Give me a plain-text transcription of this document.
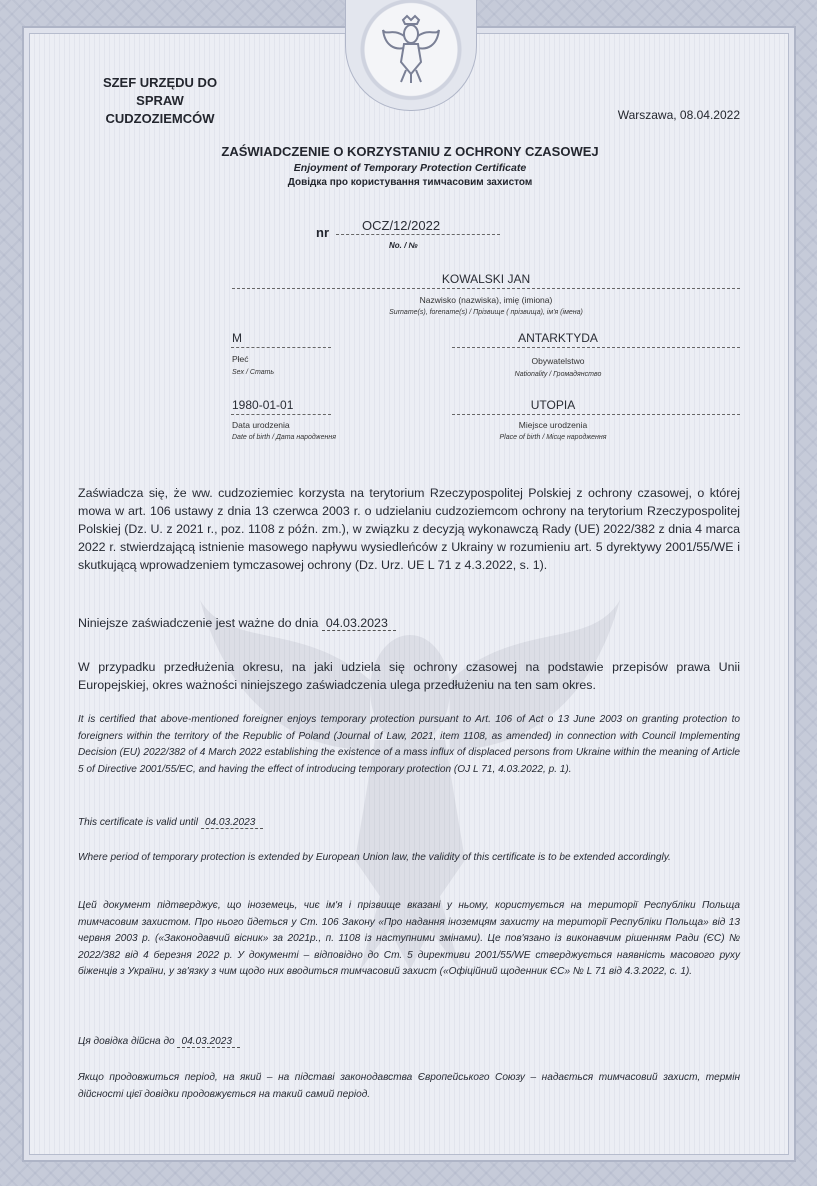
SZEF URZĘDU DO SPRAW
CUDZOZIEMCÓW	Warszawa, 08.04.2022
ZAŚWIADCZENIE O KORZYSTANIU Z OCHRONY CZASOWEJ
Enjoyment of Temporary Protection Certificate
Довідка про користування тимчасовим захистом
nr	OCZ/12/2022
No. / №
KOWALSKI JAN
Nazwisko (nazwiska), imię (imiona)
Surname(s), forename(s) / Прізвище ( прізвища), ім'я (імена)
M
Płeć
Sex / Стать
ANTARKTYDA
Obywatelstwo
Nationality / Громадянство
1980-01-01
Data urodzenia
Date of birth / Дата народження
UTOPIA
Miejsce urodzenia
Place of birth / Місце народження
Zaświadcza się, że ww. cudzoziemiec korzysta na terytorium Rzeczypospolitej Polskiej z ochrony czasowej, o której mowa w art. 106 ustawy z dnia 13 czerwca 2003 r. o udzielaniu cudzoziemcom ochrony na terytorium Rzeczypospolitej Polskiej (Dz. U. z 2021 r., poz. 1108 z późn. zm.), w związku z decyzją wykonawczą Rady (UE) 2022/382 z dnia 4 marca 2022 r. stwierdzającą istnienie masowego napływu wysiedleńców z Ukrainy w rozumieniu art. 5 dyrektywy 2001/55/WE i skutkującą wprowadzeniem tymczasowej ochrony (Dz. Urz. UE L 71 z 4.3.2022, s. 1).
Niniejsze zaświadczenie jest ważne do dnia 04.03.2023
W przypadku przedłużenia okresu, na jaki udziela się ochrony czasowej na podstawie przepisów prawa Unii Europejskiej, okres ważności niniejszego zaświadczenia ulega przedłużeniu na ten sam okres.
It is certified that above-mentioned foreigner enjoys temporary protection pursuant to Art. 106 of Act o 13 June 2003 on granting protection to foreigners within the territory of the Republic of Poland (Journal of Law, 2021, item 1108, as amended) in connection with Council Implementing Decision (EU) 2022/382 of 4 March 2022 establishing the existence of a mass influx of displaced persons from Ukraine within the meaning of Article 5 of Directive 2001/55/EC, and having the effect of introducing temporary protection (OJ L 71, 4.03.2022, p. 1).
This certificate is valid until 04.03.2023
Where period of temporary protection is extended by European Union law, the validity of this certificate is to be extended accordingly.
Цей документ підтверджує, що іноземець, чиє ім'я і прізвище вказані у ньому, користується на території Республіки Польща тимчасовим захистом. Про нього йдеться у Ст. 106 Закону «Про надання іноземцям захисту на території Республіки Польща» від 13 червня 2003 р. («Законодавчий вісник» за 2021р., п. 1108 із наступними змінами). Це пов'язано із виконавчим рішенням Ради (ЄС) № 2022/382 від 4 березня 2022 р. У документі – відповідно до Ст. 5 директиви 2001/55/WE стверджується наявність масового руху біженців з України, у зв'язку з чим щодо них вводиться тимчасовий захист («Офіційний щоденник ЄС» № L 71 від 4.3.2022, с. 1).
Ця довідка дійсна до 04.03.2023
Якщо продовжиться період, на який – на підставі законодавства Європейського Союзу – надається тимчасовий захист, термін дійсності цієї довідки продовжується на такий самий період.
